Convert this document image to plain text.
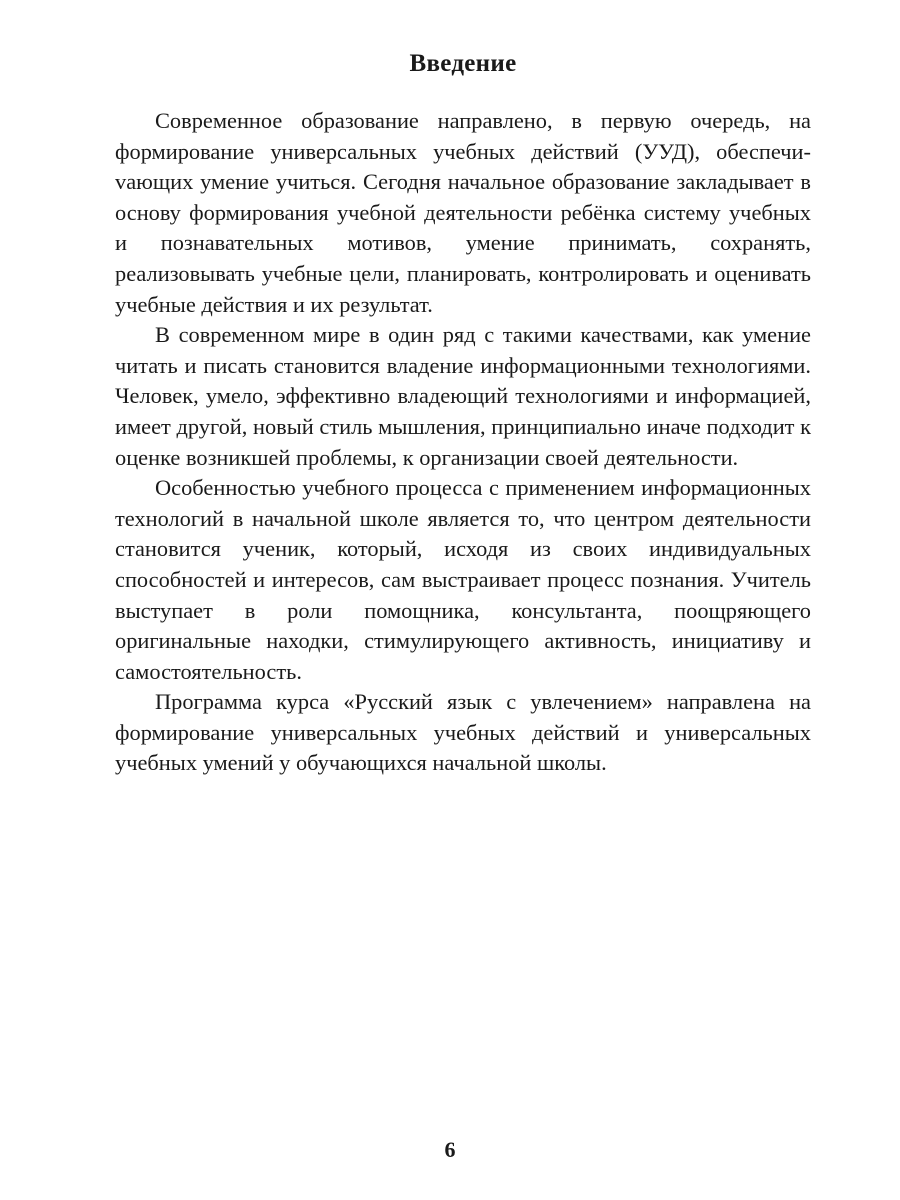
Введение

Современное образование направлено, в первую очередь, на формирование универсальных учебных действий (УУД), обеспечиvающих умение учиться. Сегодня начальное образование закладывает в основу формирования учебной деятельности ребёнка систему учебных и познавательных мотивов, умение принимать, сохранять, реализовывать учебные цели, планировать, контролировать и оценивать учебные действия и их результат.

В современном мире в один ряд с такими качествами, как умение читать и писать становится владение информационными технологиями. Человек, умело, эффективно владеющий технологиями и информацией, имеет другой, новый стиль мышления, принципиально иначе подходит к оценке возникшей проблемы, к организации своей деятельности.

Особенностью учебного процесса с применением информационных технологий в начальной школе является то, что центром деятельности становится ученик, который, исходя из своих индивидуальных способностей и интересов, сам выстраивает процесс познания. Учитель выступает в роли помощника, консультанта, поощряющего оригинальные находки, стимулирующего активность, инициативу и самостоятельность.

Программа курса «Русский язык с увлечением» направлена на формирование универсальных учебных действий и универсальных учебных умений у обучающихся начальной школы.

6
